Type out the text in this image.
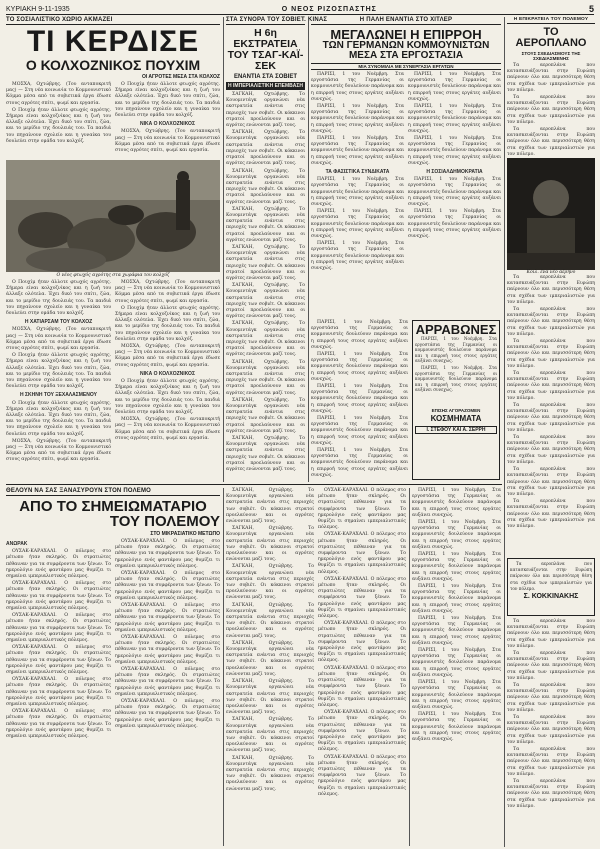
ΚΥΡΙΑΚΗ 9-11-1935	Ο ΝΕΟΣ ΡΙΖΟΣΠΑΣΤΗΣ	5
ΤΟ ΣΟΣΙΑΛΙΣΤΙΚΟ ΧΩΡΙΟ ΑΚΜΑΖΕΙ
ΤΙ ΚΕΡΔΙΣΕ
Ο ΚΟΛΧΟΖΝΙΚΟΣ ΠΟΥΧΙΜ
ΟΙ ΑΓΡΟΤΕΣ ΜΕΣΑ ΣΤΑ ΚΟΛΧΟΖ

ΜΟΣΧΑ, Οχτώβρης. (Του ανταποκριτή μας) — Στη νέα κοινωνία το Κομμουνιστικό Κόμμα μέσα από τα σοβιετικά έργα έδωσε στους αγρότες σπίτι, ψωμί και εργασία.

Ο Πουχίμ ήταν άλλοτε φτωχός αγρότης. Σήμερα είναι κολχοζνίκος και η ζωή του άλλαξε ολότελα. Έχει δικό του σπίτι, ζώα, και το μερίδιο της δουλειάς του. Τα παιδιά του πηγαίνουν σχολείο και η γυναίκα του δουλεύει στην ομάδα του κολχόζ.

Ο Πουχίμ ήταν άλλοτε φτωχός αγρότης. Σήμερα είναι κολχοζνίκος και η ζωή του άλλαξε ολότελα. Έχει δικό του σπίτι, ζώα, και το μερίδιο της δουλειάς του. Τα παιδιά του πηγαίνουν σχολείο και η γυναίκα του δουλεύει στην ομάδα του κολχόζ.

ΝΙΚΑ Ο ΚΟΛΧΟΖΝΙΚΟΣ

ΜΟΣΧΑ, Οχτώβρης. (Του ανταποκριτή μας) — Στη νέα κοινωνία το Κομμουνιστικό Κόμμα μέσα από τα σοβιετικά έργα έδωσε στους αγρότες σπίτι, ψωμί και εργασία.

Ο νέος φτωχός αγρότης στα χωράφια του κολχόζ

Ο Πουχίμ ήταν άλλοτε φτωχός αγρότης. Σήμερα είναι κολχοζνίκος και η ζωή του άλλαξε ολότελα. Έχει δικό του σπίτι, ζώα, και το μερίδιο της δουλειάς του. Τα παιδιά του πηγαίνουν σχολείο και η γυναίκα του δουλεύει στην ομάδα του κολχόζ.

Η ΧΑΤΙΑΡΣΑΜ ΤΟΥ ΚΟΛΧΟΖ

ΜΟΣΧΑ, Οχτώβρης. (Του ανταποκριτή μας) — Στη νέα κοινωνία το Κομμουνιστικό Κόμμα μέσα από τα σοβιετικά έργα έδωσε στους αγρότες σπίτι, ψωμί και εργασία.

Ο Πουχίμ ήταν άλλοτε φτωχός αγρότης. Σήμερα είναι κολχοζνίκος και η ζωή του άλλαξε ολότελα. Έχει δικό του σπίτι, ζώα, και το μερίδιο της δουλειάς του. Τα παιδιά του πηγαίνουν σχολείο και η γυναίκα του δουλεύει στην ομάδα του κολχόζ.

Η ΣΚΗΝΗ ΤΟΥ ΞΕΧΑΛΑΣΜΕΝΟΥ

Ο Πουχίμ ήταν άλλοτε φτωχός αγρότης. Σήμερα είναι κολχοζνίκος και η ζωή του άλλαξε ολότελα. Έχει δικό του σπίτι, ζώα, και το μερίδιο της δουλειάς του. Τα παιδιά του πηγαίνουν σχολείο και η γυναίκα του δουλεύει στην ομάδα του κολχόζ.

ΜΟΣΧΑ, Οχτώβρης. (Του ανταποκριτή μας) — Στη νέα κοινωνία το Κομμουνιστικό Κόμμα μέσα από τα σοβιετικά έργα έδωσε στους αγρότες σπίτι, ψωμί και εργασία.

ΜΟΣΧΑ, Οχτώβρης. (Του ανταποκριτή μας) — Στη νέα κοινωνία το Κομμουνιστικό Κόμμα μέσα από τα σοβιετικά έργα έδωσε στους αγρότες σπίτι, ψωμί και εργασία.

Ο Πουχίμ ήταν άλλοτε φτωχός αγρότης. Σήμερα είναι κολχοζνίκος και η ζωή του άλλαξε ολότελα. Έχει δικό του σπίτι, ζώα, και το μερίδιο της δουλειάς του. Τα παιδιά του πηγαίνουν σχολείο και η γυναίκα του δουλεύει στην ομάδα του κολχόζ.

ΜΟΣΧΑ, Οχτώβρης. (Του ανταποκριτή μας) — Στη νέα κοινωνία το Κομμουνιστικό Κόμμα μέσα από τα σοβιετικά έργα έδωσε στους αγρότες σπίτι, ψωμί και εργασία.

ΝΙΚΑ Ο ΚΟΛΧΟΖΝΙΚΟΣ

Ο Πουχίμ ήταν άλλοτε φτωχός αγρότης. Σήμερα είναι κολχοζνίκος και η ζωή του άλλαξε ολότελα. Έχει δικό του σπίτι, ζώα, και το μερίδιο της δουλειάς του. Τα παιδιά του πηγαίνουν σχολείο και η γυναίκα του δουλεύει στην ομάδα του κολχόζ.

ΜΟΣΧΑ, Οχτώβρης. (Του ανταποκριτή μας) — Στη νέα κοινωνία το Κομμουνιστικό Κόμμα μέσα από τα σοβιετικά έργα έδωσε στους αγρότες σπίτι, ψωμί και εργασία.

ΣΤΑ ΣΥΝΟΡΑ ΤΟΥ ΣΟΒΙΕΤ. ΚΙΝΑΣ
Η 6η ΕΚΣΤΡΑΤΕΙΑ ΤΟΥ ΤΣΑΓ-ΚΑΪ-ΣΕΚ
ΕΝΑΝΤΙΑ ΣΤΑ ΣΟΒΙΕΤ
Η ΙΜΠΕΡΙΑΛΙΣΤΙΚΗ ΕΠΕΜΒΑΣΗ

ΣΑΓΚΑΗ, Οχτώβρης. Το Κουομιντάγκ οργανώνει νέα εκστρατεία ενάντια στις περιοχές των σοβιέτ. Οι κόκκινοι στρατοί προελαύνουν και οι αγρότες ενώνονται μαζί τους.

ΣΑΓΚΑΗ, Οχτώβρης. Το Κουομιντάγκ οργανώνει νέα εκστρατεία ενάντια στις περιοχές των σοβιέτ. Οι κόκκινοι στρατοί προελαύνουν και οι αγρότες ενώνονται μαζί τους.

ΣΑΓΚΑΗ, Οχτώβρης. Το Κουομιντάγκ οργανώνει νέα εκστρατεία ενάντια στις περιοχές των σοβιέτ. Οι κόκκινοι στρατοί προελαύνουν και οι αγρότες ενώνονται μαζί τους.

ΣΑΓΚΑΗ, Οχτώβρης. Το Κουομιντάγκ οργανώνει νέα εκστρατεία ενάντια στις περιοχές των σοβιέτ. Οι κόκκινοι στρατοί προελαύνουν και οι αγρότες ενώνονται μαζί τους.

ΣΑΓΚΑΗ, Οχτώβρης. Το Κουομιντάγκ οργανώνει νέα εκστρατεία ενάντια στις περιοχές των σοβιέτ. Οι κόκκινοι στρατοί προελαύνουν και οι αγρότες ενώνονται μαζί τους.

ΣΑΓΚΑΗ, Οχτώβρης. Το Κουομιντάγκ οργανώνει νέα εκστρατεία ενάντια στις περιοχές των σοβιέτ. Οι κόκκινοι στρατοί προελαύνουν και οι αγρότες ενώνονται μαζί τους.

ΣΑΓΚΑΗ, Οχτώβρης. Το Κουομιντάγκ οργανώνει νέα εκστρατεία ενάντια στις περιοχές των σοβιέτ. Οι κόκκινοι στρατοί προελαύνουν και οι αγρότες ενώνονται μαζί τους.

ΣΑΓΚΑΗ, Οχτώβρης. Το Κουομιντάγκ οργανώνει νέα εκστρατεία ενάντια στις περιοχές των σοβιέτ. Οι κόκκινοι στρατοί προελαύνουν και οι αγρότες ενώνονται μαζί τους.

ΣΑΓΚΑΗ, Οχτώβρης. Το Κουομιντάγκ οργανώνει νέα εκστρατεία ενάντια στις περιοχές των σοβιέτ. Οι κόκκινοι στρατοί προελαύνουν και οι αγρότες ενώνονται μαζί τους.

ΣΑΓΚΑΗ, Οχτώβρης. Το Κουομιντάγκ οργανώνει νέα εκστρατεία ενάντια στις περιοχές των σοβιέτ. Οι κόκκινοι στρατοί προελαύνουν και οι αγρότες ενώνονται μαζί τους.

Η ΠΑΛΗ ΕΝΑΝΤΙΑ ΣΤΟ ΧΙΤΛΕΡ
ΜΕΓΑΛΩΝΕΙ Η ΕΠΙΡΡΟΗ
ΤΩΝ ΓΕΡΜΑΝΩΝ ΚΟΜΜΟΥΝΙΣΤΩΝ
ΜΕΣΑ ΣΤΑ ΕΡΓΟΣΤΑΣΙΑ
ΜΙΑ ΣΥΝΟΜΙΛΙΑ ΜΕ ΣΥΝΕΡΓΑΣΙΑ ΕΡΓΑΤΩΝ

ΠΑΡΙΣΙ, 1 του Νοέμβρη. Στα εργοστάσια της Γερμανίας οι κομμουνιστές δουλεύουν παράνομα και η επιρροή τους στους εργάτες αυξάνει συνεχώς.

ΠΑΡΙΣΙ, 1 του Νοέμβρη. Στα εργοστάσια της Γερμανίας οι κομμουνιστές δουλεύουν παράνομα και η επιρροή τους στους εργάτες αυξάνει συνεχώς.

ΠΑΡΙΣΙ, 1 του Νοέμβρη. Στα εργοστάσια της Γερμανίας οι κομμουνιστές δουλεύουν παράνομα και η επιρροή τους στους εργάτες αυξάνει συνεχώς.

ΤΑ ΦΑΣΙΣΤΙΚΑ ΣΥΝΔΙΚΑΤΑ

ΠΑΡΙΣΙ, 1 του Νοέμβρη. Στα εργοστάσια της Γερμανίας οι κομμουνιστές δουλεύουν παράνομα και η επιρροή τους στους εργάτες αυξάνει συνεχώς.

ΠΑΡΙΣΙ, 1 του Νοέμβρη. Στα εργοστάσια της Γερμανίας οι κομμουνιστές δουλεύουν παράνομα και η επιρροή τους στους εργάτες αυξάνει συνεχώς.

ΠΑΡΙΣΙ, 1 του Νοέμβρη. Στα εργοστάσια της Γερμανίας οι κομμουνιστές δουλεύουν παράνομα και η επιρροή τους στους εργάτες αυξάνει συνεχώς.

ΠΑΡΙΣΙ, 1 του Νοέμβρη. Στα εργοστάσια της Γερμανίας οι κομμουνιστές δουλεύουν παράνομα και η επιρροή τους στους εργάτες αυξάνει συνεχώς.

ΠΑΡΙΣΙ, 1 του Νοέμβρη. Στα εργοστάσια της Γερμανίας οι κομμουνιστές δουλεύουν παράνομα και η επιρροή τους στους εργάτες αυξάνει συνεχώς.

ΠΑΡΙΣΙ, 1 του Νοέμβρη. Στα εργοστάσια της Γερμανίας οι κομμουνιστές δουλεύουν παράνομα και η επιρροή τους στους εργάτες αυξάνει συνεχώς.

Η ΣΟΣΙΑΛΔΗΜΟΚΡΑΤΙΑ

ΠΑΡΙΣΙ, 1 του Νοέμβρη. Στα εργοστάσια της Γερμανίας οι κομμουνιστές δουλεύουν παράνομα και η επιρροή τους στους εργάτες αυξάνει συνεχώς.

ΠΑΡΙΣΙ, 1 του Νοέμβρη. Στα εργοστάσια της Γερμανίας οι κομμουνιστές δουλεύουν παράνομα και η επιρροή τους στους εργάτες αυξάνει συνεχώς.

ΑΡΡΑΒΩΝΕΣ

ΠΑΡΙΣΙ, 1 του Νοέμβρη. Στα εργοστάσια της Γερμανίας οι κομμουνιστές δουλεύουν παράνομα και η επιρροή τους στους εργάτες αυξάνει συνεχώς.

ΠΑΡΙΣΙ, 1 του Νοέμβρη. Στα εργοστάσια της Γερμανίας οι κομμουνιστές δουλεύουν παράνομα και η επιρροή τους στους εργάτες αυξάνει συνεχώς.

ΕΠΙΣΗΣ ΑΓΟΡΑΖΟΜΕΝ
ΚΟΣΜΗΜΑΤΑ
Ι. ΣΤΕΦΟΥ ΚΑΙ Α. ΣΕΡΡΗ

ΠΑΡΙΣΙ, 1 του Νοέμβρη. Στα εργοστάσια της Γερμανίας οι κομμουνιστές δουλεύουν παράνομα και η επιρροή τους στους εργάτες αυξάνει συνεχώς.

ΠΑΡΙΣΙ, 1 του Νοέμβρη. Στα εργοστάσια της Γερμανίας οι κομμουνιστές δουλεύουν παράνομα και η επιρροή τους στους εργάτες αυξάνει συνεχώς.

ΠΑΡΙΣΙ, 1 του Νοέμβρη. Στα εργοστάσια της Γερμανίας οι κομμουνιστές δουλεύουν παράνομα και η επιρροή τους στους εργάτες αυξάνει συνεχώς.

ΠΑΡΙΣΙ, 1 του Νοέμβρη. Στα εργοστάσια της Γερμανίας οι κομμουνιστές δουλεύουν παράνομα και η επιρροή τους στους εργάτες αυξάνει συνεχώς.

ΠΑΡΙΣΙ, 1 του Νοέμβρη. Στα εργοστάσια της Γερμανίας οι κομμουνιστές δουλεύουν παράνομα και η επιρροή τους στους εργάτες αυξάνει συνεχώς.

Η ΕΠΙΚΡΑΤΕΙΑ ΤΟΥ ΠΟΛΕΜΟΥ
ΤΟ ΑΕΡΟΠΛΑΝΟ
ΣΤΟΥΣ ΣΧΕΔΙΑΣΜΟΥΣ ΤΗΣ ΣΧΕΔΙΑΣΜΕΝΗΣ

Τα αεροπλάνα που κατασκευάζονται στην Ευρώπη παίρνουν όλο και περισσότερη θέση στα σχέδια των ιμπεριαλιστών για τον πόλεμο.

Τα αεροπλάνα που κατασκευάζονται στην Ευρώπη παίρνουν όλο και περισσότερη θέση στα σχέδια των ιμπεριαλιστών για τον πόλεμο.

Τα αεροπλάνα που κατασκευάζονται στην Ευρώπη παίρνουν όλο και περισσότερη θέση στα σχέδια των ιμπεριαλιστών για τον πόλεμο.

Κοιλ. ένα νέο αέρηνο

Τα αεροπλάνα που κατασκευάζονται στην Ευρώπη παίρνουν όλο και περισσότερη θέση στα σχέδια των ιμπεριαλιστών για τον πόλεμο.

Τα αεροπλάνα που κατασκευάζονται στην Ευρώπη παίρνουν όλο και περισσότερη θέση στα σχέδια των ιμπεριαλιστών για τον πόλεμο.

Τα αεροπλάνα που κατασκευάζονται στην Ευρώπη παίρνουν όλο και περισσότερη θέση στα σχέδια των ιμπεριαλιστών για τον πόλεμο.

Τα αεροπλάνα που κατασκευάζονται στην Ευρώπη παίρνουν όλο και περισσότερη θέση στα σχέδια των ιμπεριαλιστών για τον πόλεμο.

Τα αεροπλάνα που κατασκευάζονται στην Ευρώπη παίρνουν όλο και περισσότερη θέση στα σχέδια των ιμπεριαλιστών για τον πόλεμο.

Τα αεροπλάνα που κατασκευάζονται στην Ευρώπη παίρνουν όλο και περισσότερη θέση στα σχέδια των ιμπεριαλιστών για τον πόλεμο.

Τα αεροπλάνα που κατασκευάζονται στην Ευρώπη παίρνουν όλο και περισσότερη θέση στα σχέδια των ιμπεριαλιστών για τον πόλεμο.

Τα αεροπλάνα που κατασκευάζονται στην Ευρώπη παίρνουν όλο και περισσότερη θέση στα σχέδια των ιμπεριαλιστών για τον πόλεμο.

Τα αεροπλάνα που κατασκευάζονται στην Ευρώπη παίρνουν όλο και περισσότερη θέση στα σχέδια των ιμπεριαλιστών για τον πόλεμο.

Σ. ΚΟΚΚΙΝΑΚΗΣ

Τα αεροπλάνα που κατασκευάζονται στην Ευρώπη παίρνουν όλο και περισσότερη θέση στα σχέδια των ιμπεριαλιστών για τον πόλεμο.

Τα αεροπλάνα που κατασκευάζονται στην Ευρώπη παίρνουν όλο και περισσότερη θέση στα σχέδια των ιμπεριαλιστών για τον πόλεμο.

Τα αεροπλάνα που κατασκευάζονται στην Ευρώπη παίρνουν όλο και περισσότερη θέση στα σχέδια των ιμπεριαλιστών για τον πόλεμο.

Τα αεροπλάνα που κατασκευάζονται στην Ευρώπη παίρνουν όλο και περισσότερη θέση στα σχέδια των ιμπεριαλιστών για τον πόλεμο.

Τα αεροπλάνα που κατασκευάζονται στην Ευρώπη παίρνουν όλο και περισσότερη θέση στα σχέδια των ιμπεριαλιστών για τον πόλεμο.

Τα αεροπλάνα που κατασκευάζονται στην Ευρώπη παίρνουν όλο και περισσότερη θέση στα σχέδια των ιμπεριαλιστών για τον πόλεμο.

ΘΕΛΟΥΝ ΝΑ ΣΑΣ ΞΑΝΑΣΥΡΟΥΝ ΣΤΟΝ ΠΟΛΕΜΟ
ΑΠΟ ΤΟ ΣΗΜΕΙΩΜΑΤΑΡΙΟ
ΤΟΥ ΠΟΛΕΜΟΥ
ΣΤΟ ΜΙΚΡΑΣΙΑΤΙΚΟ ΜΕΤΩΠΟ
ΑΝΩΡΑΚ

ΟΥΣΑΚ-ΚΑΡΑΧΑΛΙ. Ο πόλεμος στο μέτωπο ήταν σκληρός. Οι στρατιώτες πέθαιναν για τα συμφέροντα των ξένων. Το ημερολόγιο ενός φαντάρου μας θυμίζει τι σημαίνει ιμπεριαλιστικός πόλεμος.

ΟΥΣΑΚ-ΚΑΡΑΧΑΛΙ. Ο πόλεμος στο μέτωπο ήταν σκληρός. Οι στρατιώτες πέθαιναν για τα συμφέροντα των ξένων. Το ημερολόγιο ενός φαντάρου μας θυμίζει τι σημαίνει ιμπεριαλιστικός πόλεμος.

ΟΥΣΑΚ-ΚΑΡΑΧΑΛΙ. Ο πόλεμος στο μέτωπο ήταν σκληρός. Οι στρατιώτες πέθαιναν για τα συμφέροντα των ξένων. Το ημερολόγιο ενός φαντάρου μας θυμίζει τι σημαίνει ιμπεριαλιστικός πόλεμος.

ΟΥΣΑΚ-ΚΑΡΑΧΑΛΙ. Ο πόλεμος στο μέτωπο ήταν σκληρός. Οι στρατιώτες πέθαιναν για τα συμφέροντα των ξένων. Το ημερολόγιο ενός φαντάρου μας θυμίζει τι σημαίνει ιμπεριαλιστικός πόλεμος.

ΟΥΣΑΚ-ΚΑΡΑΧΑΛΙ. Ο πόλεμος στο μέτωπο ήταν σκληρός. Οι στρατιώτες πέθαιναν για τα συμφέροντα των ξένων. Το ημερολόγιο ενός φαντάρου μας θυμίζει τι σημαίνει ιμπεριαλιστικός πόλεμος.

ΟΥΣΑΚ-ΚΑΡΑΧΑΛΙ. Ο πόλεμος στο μέτωπο ήταν σκληρός. Οι στρατιώτες πέθαιναν για τα συμφέροντα των ξένων. Το ημερολόγιο ενός φαντάρου μας θυμίζει τι σημαίνει ιμπεριαλιστικός πόλεμος.

ΟΥΣΑΚ-ΚΑΡΑΧΑΛΙ. Ο πόλεμος στο μέτωπο ήταν σκληρός. Οι στρατιώτες πέθαιναν για τα συμφέροντα των ξένων. Το ημερολόγιο ενός φαντάρου μας θυμίζει τι σημαίνει ιμπεριαλιστικός πόλεμος.

ΟΥΣΑΚ-ΚΑΡΑΧΑΛΙ. Ο πόλεμος στο μέτωπο ήταν σκληρός. Οι στρατιώτες πέθαιναν για τα συμφέροντα των ξένων. Το ημερολόγιο ενός φαντάρου μας θυμίζει τι σημαίνει ιμπεριαλιστικός πόλεμος.

ΟΥΣΑΚ-ΚΑΡΑΧΑΛΙ. Ο πόλεμος στο μέτωπο ήταν σκληρός. Οι στρατιώτες πέθαιναν για τα συμφέροντα των ξένων. Το ημερολόγιο ενός φαντάρου μας θυμίζει τι σημαίνει ιμπεριαλιστικός πόλεμος.

ΟΥΣΑΚ-ΚΑΡΑΧΑΛΙ. Ο πόλεμος στο μέτωπο ήταν σκληρός. Οι στρατιώτες πέθαιναν για τα συμφέροντα των ξένων. Το ημερολόγιο ενός φαντάρου μας θυμίζει τι σημαίνει ιμπεριαλιστικός πόλεμος.

ΟΥΣΑΚ-ΚΑΡΑΧΑΛΙ. Ο πόλεμος στο μέτωπο ήταν σκληρός. Οι στρατιώτες πέθαιναν για τα συμφέροντα των ξένων. Το ημερολόγιο ενός φαντάρου μας θυμίζει τι σημαίνει ιμπεριαλιστικός πόλεμος.

ΟΥΣΑΚ-ΚΑΡΑΧΑΛΙ. Ο πόλεμος στο μέτωπο ήταν σκληρός. Οι στρατιώτες πέθαιναν για τα συμφέροντα των ξένων. Το ημερολόγιο ενός φαντάρου μας θυμίζει τι σημαίνει ιμπεριαλιστικός πόλεμος.

ΣΑΓΚΑΗ, Οχτώβρης. Το Κουομιντάγκ οργανώνει νέα εκστρατεία ενάντια στις περιοχές των σοβιέτ. Οι κόκκινοι στρατοί προελαύνουν και οι αγρότες ενώνονται μαζί τους.

ΣΑΓΚΑΗ, Οχτώβρης. Το Κουομιντάγκ οργανώνει νέα εκστρατεία ενάντια στις περιοχές των σοβιέτ. Οι κόκκινοι στρατοί προελαύνουν και οι αγρότες ενώνονται μαζί τους.

ΣΑΓΚΑΗ, Οχτώβρης. Το Κουομιντάγκ οργανώνει νέα εκστρατεία ενάντια στις περιοχές των σοβιέτ. Οι κόκκινοι στρατοί προελαύνουν και οι αγρότες ενώνονται μαζί τους.

ΣΑΓΚΑΗ, Οχτώβρης. Το Κουομιντάγκ οργανώνει νέα εκστρατεία ενάντια στις περιοχές των σοβιέτ. Οι κόκκινοι στρατοί προελαύνουν και οι αγρότες ενώνονται μαζί τους.

ΣΑΓΚΑΗ, Οχτώβρης. Το Κουομιντάγκ οργανώνει νέα εκστρατεία ενάντια στις περιοχές των σοβιέτ. Οι κόκκινοι στρατοί προελαύνουν και οι αγρότες ενώνονται μαζί τους.

ΣΑΓΚΑΗ, Οχτώβρης. Το Κουομιντάγκ οργανώνει νέα εκστρατεία ενάντια στις περιοχές των σοβιέτ. Οι κόκκινοι στρατοί προελαύνουν και οι αγρότες ενώνονται μαζί τους.

ΣΑΓΚΑΗ, Οχτώβρης. Το Κουομιντάγκ οργανώνει νέα εκστρατεία ενάντια στις περιοχές των σοβιέτ. Οι κόκκινοι στρατοί προελαύνουν και οι αγρότες ενώνονται μαζί τους.

ΣΑΓΚΑΗ, Οχτώβρης. Το Κουομιντάγκ οργανώνει νέα εκστρατεία ενάντια στις περιοχές των σοβιέτ. Οι κόκκινοι στρατοί προελαύνουν και οι αγρότες ενώνονται μαζί τους.

ΟΥΣΑΚ-ΚΑΡΑΧΑΛΙ. Ο πόλεμος στο μέτωπο ήταν σκληρός. Οι στρατιώτες πέθαιναν για τα συμφέροντα των ξένων. Το ημερολόγιο ενός φαντάρου μας θυμίζει τι σημαίνει ιμπεριαλιστικός πόλεμος.

ΟΥΣΑΚ-ΚΑΡΑΧΑΛΙ. Ο πόλεμος στο μέτωπο ήταν σκληρός. Οι στρατιώτες πέθαιναν για τα συμφέροντα των ξένων. Το ημερολόγιο ενός φαντάρου μας θυμίζει τι σημαίνει ιμπεριαλιστικός πόλεμος.

ΟΥΣΑΚ-ΚΑΡΑΧΑΛΙ. Ο πόλεμος στο μέτωπο ήταν σκληρός. Οι στρατιώτες πέθαιναν για τα συμφέροντα των ξένων. Το ημερολόγιο ενός φαντάρου μας θυμίζει τι σημαίνει ιμπεριαλιστικός πόλεμος.

ΟΥΣΑΚ-ΚΑΡΑΧΑΛΙ. Ο πόλεμος στο μέτωπο ήταν σκληρός. Οι στρατιώτες πέθαιναν για τα συμφέροντα των ξένων. Το ημερολόγιο ενός φαντάρου μας θυμίζει τι σημαίνει ιμπεριαλιστικός πόλεμος.

ΟΥΣΑΚ-ΚΑΡΑΧΑΛΙ. Ο πόλεμος στο μέτωπο ήταν σκληρός. Οι στρατιώτες πέθαιναν για τα συμφέροντα των ξένων. Το ημερολόγιο ενός φαντάρου μας θυμίζει τι σημαίνει ιμπεριαλιστικός πόλεμος.

ΟΥΣΑΚ-ΚΑΡΑΧΑΛΙ. Ο πόλεμος στο μέτωπο ήταν σκληρός. Οι στρατιώτες πέθαιναν για τα συμφέροντα των ξένων. Το ημερολόγιο ενός φαντάρου μας θυμίζει τι σημαίνει ιμπεριαλιστικός πόλεμος.

ΟΥΣΑΚ-ΚΑΡΑΧΑΛΙ. Ο πόλεμος στο μέτωπο ήταν σκληρός. Οι στρατιώτες πέθαιναν για τα συμφέροντα των ξένων. Το ημερολόγιο ενός φαντάρου μας θυμίζει τι σημαίνει ιμπεριαλιστικός πόλεμος.

ΠΑΡΙΣΙ, 1 του Νοέμβρη. Στα εργοστάσια της Γερμανίας οι κομμουνιστές δουλεύουν παράνομα και η επιρροή τους στους εργάτες αυξάνει συνεχώς.

ΠΑΡΙΣΙ, 1 του Νοέμβρη. Στα εργοστάσια της Γερμανίας οι κομμουνιστές δουλεύουν παράνομα και η επιρροή τους στους εργάτες αυξάνει συνεχώς.

ΠΑΡΙΣΙ, 1 του Νοέμβρη. Στα εργοστάσια της Γερμανίας οι κομμουνιστές δουλεύουν παράνομα και η επιρροή τους στους εργάτες αυξάνει συνεχώς.

ΠΑΡΙΣΙ, 1 του Νοέμβρη. Στα εργοστάσια της Γερμανίας οι κομμουνιστές δουλεύουν παράνομα και η επιρροή τους στους εργάτες αυξάνει συνεχώς.

ΠΑΡΙΣΙ, 1 του Νοέμβρη. Στα εργοστάσια της Γερμανίας οι κομμουνιστές δουλεύουν παράνομα και η επιρροή τους στους εργάτες αυξάνει συνεχώς.

ΠΑΡΙΣΙ, 1 του Νοέμβρη. Στα εργοστάσια της Γερμανίας οι κομμουνιστές δουλεύουν παράνομα και η επιρροή τους στους εργάτες αυξάνει συνεχώς.

ΠΑΡΙΣΙ, 1 του Νοέμβρη. Στα εργοστάσια της Γερμανίας οι κομμουνιστές δουλεύουν παράνομα και η επιρροή τους στους εργάτες αυξάνει συνεχώς.

ΠΑΡΙΣΙ, 1 του Νοέμβρη. Στα εργοστάσια της Γερμανίας οι κομμουνιστές δουλεύουν παράνομα και η επιρροή τους στους εργάτες αυξάνει συνεχώς.
